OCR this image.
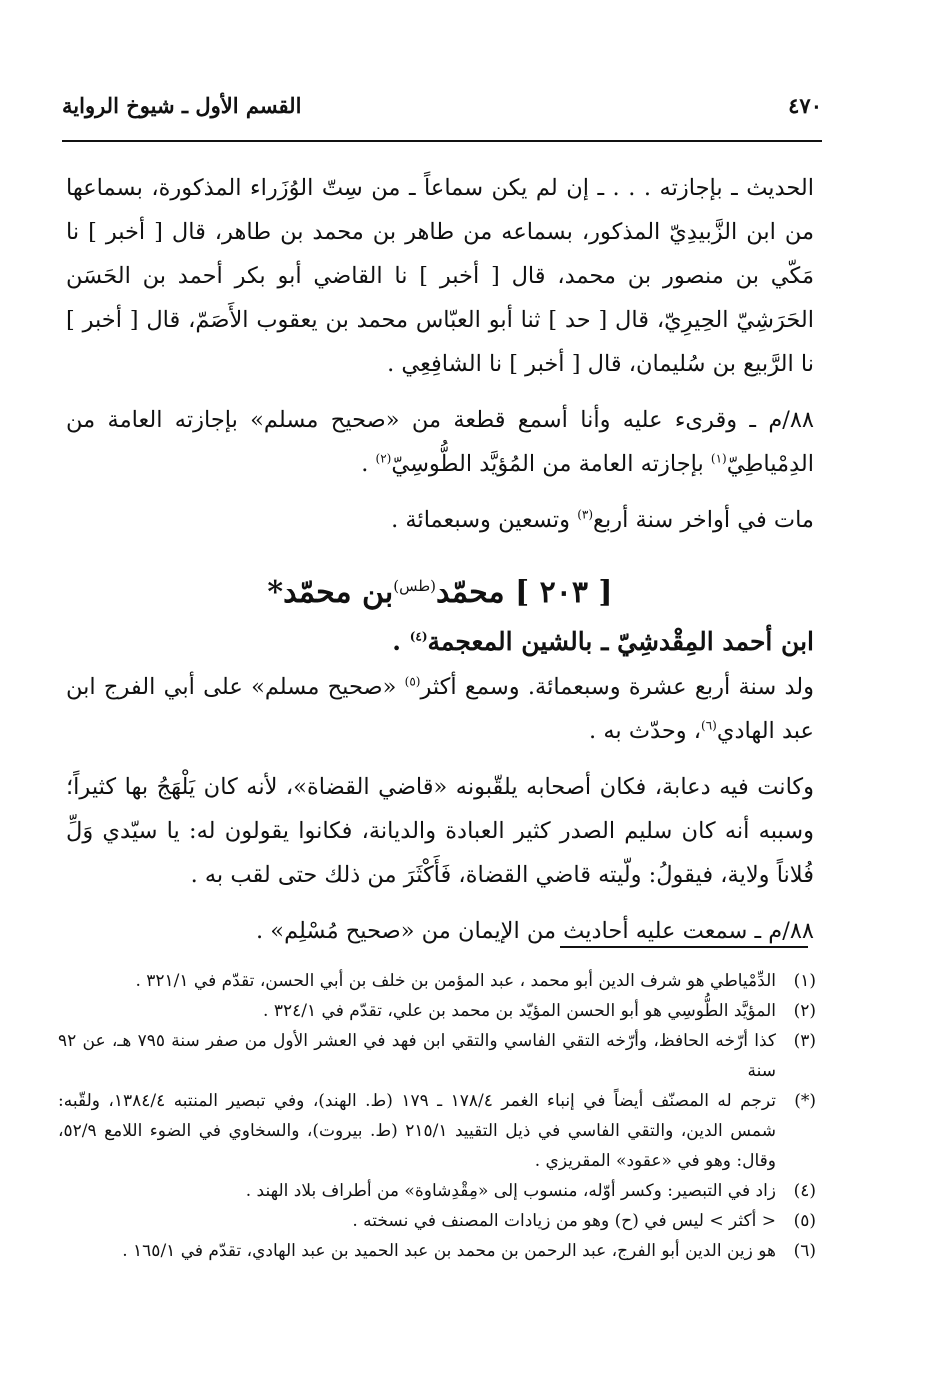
٤٧٠
القسم الأول ـ شيوخ الرواية

الحديث ـ بإجازته . . . ـ إن لم يكن سماعاً ـ من سِتّ الوُزَراء المذكورة، بسماعها من ابن الزَّبيدِيّ المذكور، بسماعه من طاهر بن محمد بن طاهر، قال [ أخبر ] نا مَكّي بن منصور بن محمد، قال [ أخبر ] نا القاضي أبو بكر أحمد بن الحَسَن الحَرَشِيّ الحِيرِيّ، قال [ حد ] ثنا أبو العبّاس محمد بن يعقوب الأَصَمّ، قال [ أخبر ] نا الرَّبيع بن سُليمان، قال [ أخبر ] نا الشافِعِي .

٨٨/م ـ وقرىء عليه وأنا أسمع قطعة من «صحيح مسلم» بإجازته العامة من الدِمْياطِيّ$^{(١)}$ بإجازته العامة من المُؤيَّد الطُّوسِيّ$^{(٢)}$ .

مات في أواخر سنة أربع$^{(٣)}$ وتسعين وسبعمائة .

[ ٢٠٣ ] محمّد$^{(طس)}$بن محمّد*

ابن أحمد المِقْدشِيّ ـ بالشين المعجمة$^{(٤)}$ .

ولد سنة أربع عشرة وسبعمائة. وسمع أكثر$^{(٥)}$ «صحيح مسلم» على أبي الفرج ابن عبد الهادي$^{(٦)}$، وحدّث به .

وكانت فيه دعابة، فكان أصحابه يلقّبونه «قاضي القضاة»، لأنه كان يَلْهَجُ بها كثيراً؛ وسببه أنه كان سليم الصدر كثير العبادة والديانة، فكانوا يقولون له: يا سيّدي وَلِّ فُلاناً ولاية، فيقولُ: ولّيته قاضي القضاة، فَأَكْثَرَ من ذلك حتى لقب به .

٨٨/م ـ سمعت عليه أحاديث من الإيمان من «صحيح مُسْلِم» .

(١)
الدِّمْياطي هو شرف الدين أبو محمد ، عبد المؤمن بن خلف بن أبي الحسن، تقدّم في ٣٢١/١ .
(٢)
المؤيَّد الطُّوسِي هو أبو الحسن المؤيّد بن محمد بن علي، تقدّم في ٣٢٤/١ .
(٣)
كذا أرّخه الحافظ، وأرّخه التقي الفاسي والتقي ابن فهد في العشر الأول من صفر سنة ٧٩٥ هـ، عن ٩٢ سنة
(*)
ترجم له المصنّف أيضاً في إنباء الغمر ١٧٨/٤ ـ ١٧٩ (ط. الهند)، وفي تبصير المنتبه ١٣٨٤/٤، ولقّبه: شمس الدين، والتقي الفاسي في ذيل التقييد ٢١٥/١ (ط. بيروت)، والسخاوي في الضوء اللامع ٥٢/٩، وقال: وهو في «عقود» المقريزي .
(٤)
زاد في التبصير: وكسر أوّله، منسوب إلى «مِقْدِشاوة» من أطراف بلاد الهند .
(٥)
< أكثر > ليس في (ح) وهو من زيادات المصنف في نسخته .
(٦)
هو زين الدين أبو الفرج، عبد الرحمن بن محمد بن عبد الحميد بن عبد الهادي، تقدّم في ١٦٥/١ .
